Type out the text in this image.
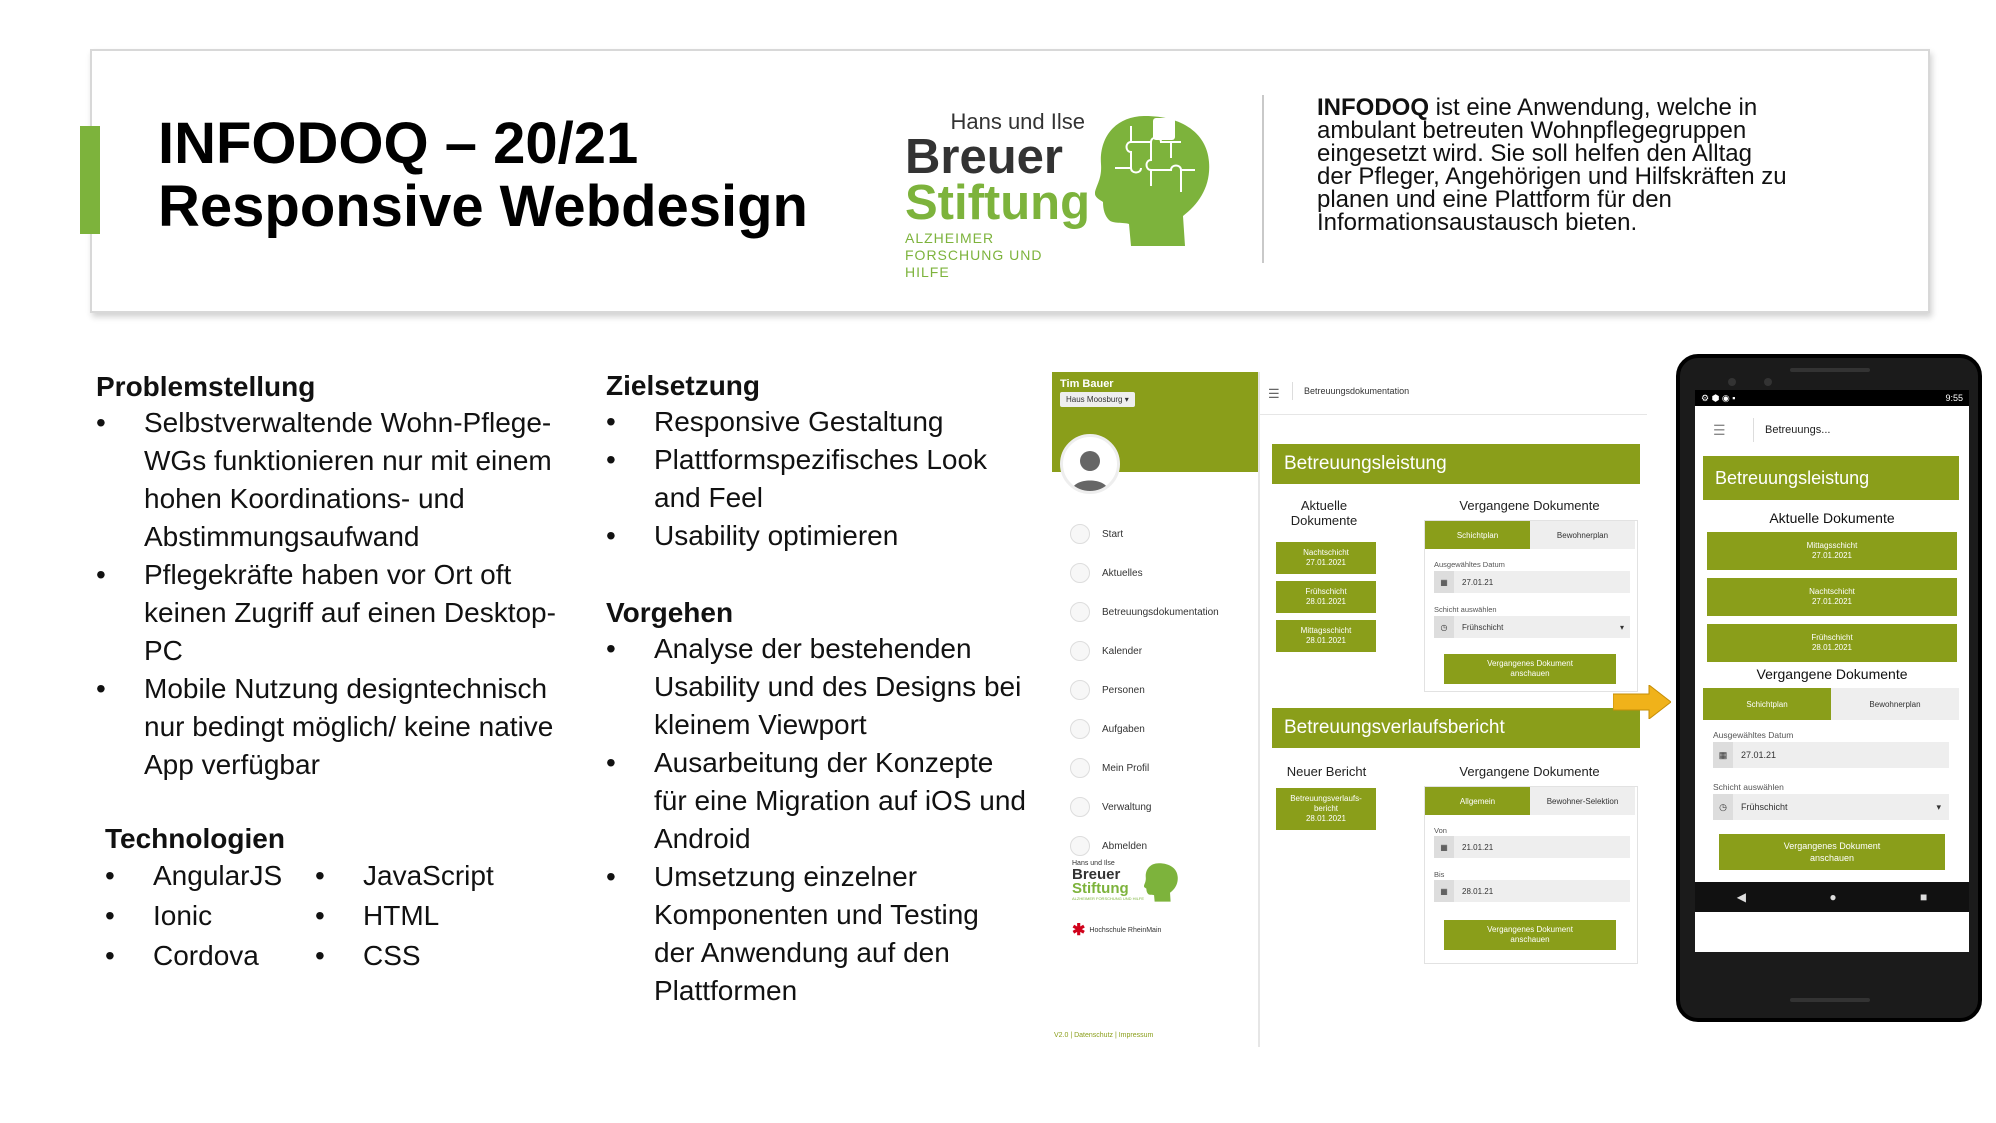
INFODOQ – 20/21
Responsive Webdesign
Hans und Ilse
Breuer
Stiftung
ALZHEIMER
FORSCHUNG UND HILFE
INFODOQ ist eine Anwendung, welche in ambulant betreuten Wohnpflegegruppen eingesetzt wird. Sie soll helfen den Alltag der Pfleger, Angehörigen und Hilfskräften zu planen und eine Plattform für den Informationsaustausch bieten.
Problemstellung
• Selbstverwaltende Wohn-Pflege-WGs funktionieren nur mit einem hohen Koordinations- und Abstimmungsaufwand
• Pflegekräfte haben vor Ort oft keinen Zugriff auf einen Desktop-PC
• Mobile Nutzung designtechnisch nur bedingt möglich/ keine native App verfügbar
Zielsetzung
• Responsive Gestaltung
• Plattformspezifisches Look and Feel
• Usability optimieren
Vorgehen
• Analyse der bestehenden Usability und des Designs bei kleinem Viewport
• Ausarbeitung der Konzepte für eine Migration auf iOS und Android
• Umsetzung einzelner Komponenten und Testing der Anwendung auf den Plattformen
Technologien
• AngularJS
• Ionic
• Cordova
• JavaScript
• HTML
• CSS
Tim Bauer
Haus Moosburg ▾
Start
Aktuelles
Betreuungsdokumentation
Kalender
Personen
Aufgaben
Mein Profil
Verwaltung
Abmelden
Hans und Ilse
Breuer
Stiftung
ALZHEIMER FORSCHUNG UND HILFE
✱ Hochschule RheinMain
V2.0 | Datenschutz | Impressum
☰	Betreuungsdokumentation
Betreuungsleistung
Aktuelle Dokumente
Vergangene Dokumente
Nachtschicht
27.01.2021
Frühschicht
28.01.2021
Mittagsschicht
28.01.2021
Schichtplan	Bewohnerplan
Ausgewähltes Datum
▦	27.01.21
Schicht auswählen
◷	Frühschicht	▾
Vergangenes Dokument
anschauen
Betreuungsverlaufsbericht
Neuer Bericht	Vergangene Dokumente
Betreuungsverlaufs-
bericht
28.01.2021
Allgemein	Bewohner-Selektion
Von
▦	21.01.21
Bis
▦	28.01.21
Vergangenes Dokument
anschauen
⚙ ⬢ ◉ ▪	9:55
☰	Betreuungs...
Betreuungsleistung
Aktuelle Dokumente
Mittagsschicht
27.01.2021
Nachtschicht
27.01.2021
Frühschicht
28.01.2021
Vergangene Dokumente
Schichtplan	Bewohnerplan
Ausgewähltes Datum
▦	27.01.21
Schicht auswählen
◷	Frühschicht	▾
Vergangenes Dokument
anschauen
◀	●	■
